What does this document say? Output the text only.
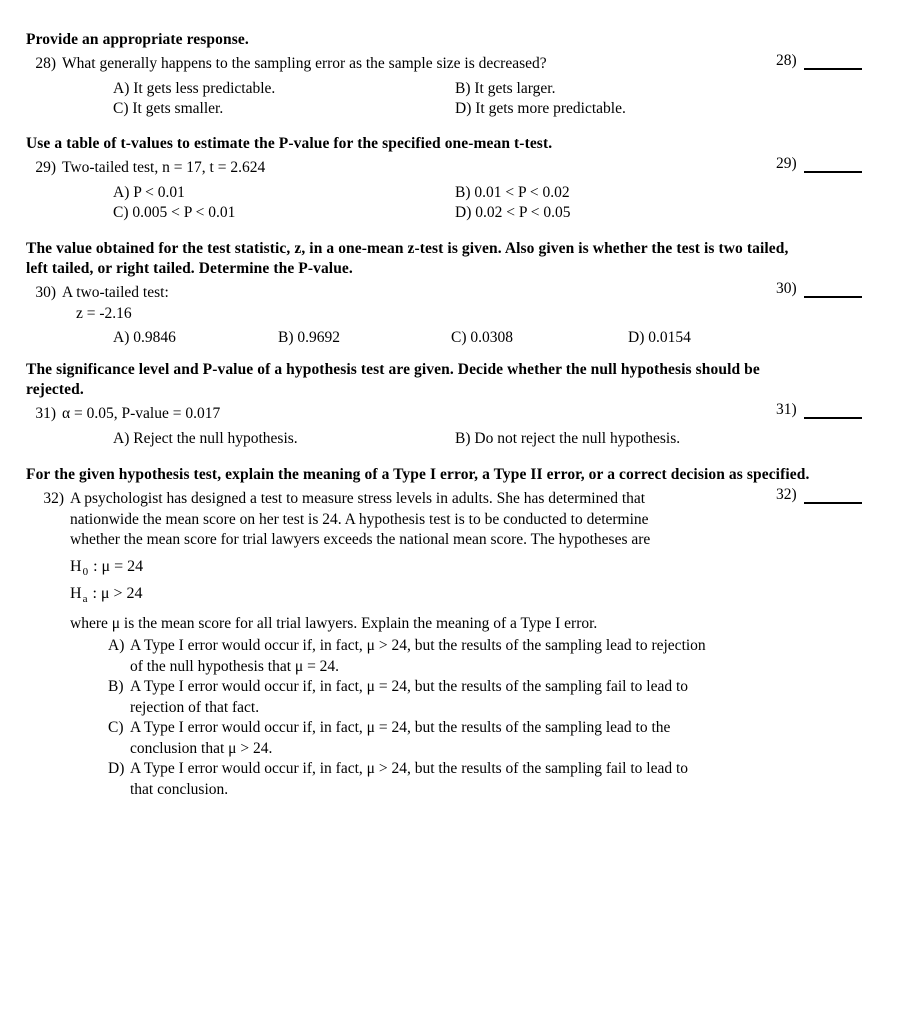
Provide an appropriate response.
28) What generally happens to the sampling error as the sample size is decreased?
A) It gets less predictable.	B) It gets larger.
C) It gets smaller.	D) It gets more predictable.
28)
Use a table of t-values to estimate the P-value for the specified one-mean t-test.
29) Two-tailed test, n = 17, t = 2.624
A) P < 0.01	B) 0.01 < P < 0.02
C) 0.005 < P < 0.01	D) 0.02 < P < 0.05
29)
The value obtained for the test statistic, z, in a one-mean z-test is given. Also given is whether the test is two tailed,
left tailed, or right tailed. Determine the P-value.
30) A two-tailed test:
z = -2.16
A) 0.9846	B) 0.9692	C) 0.0308	D) 0.0154
30)
The significance level and P-value of a hypothesis test are given. Decide whether the null hypothesis should be
rejected.
31) α = 0.05, P-value = 0.017
A) Reject the null hypothesis.	B) Do not reject the null hypothesis.
31)
For the given hypothesis test, explain the meaning of a Type I error, a Type II error, or a correct decision as specified.
32) A psychologist has designed a test to measure stress levels in adults. She has determined that
nationwide the mean score on her test is 24. A hypothesis test is to be conducted to determine
whether the mean score for trial lawyers exceeds the national mean score. The hypotheses are
$H_0$ : μ = 24
$H_a$ : μ > 24
where μ is the mean score for all trial lawyers. Explain the meaning of a Type I error.
A) A Type I error would occur if, in fact, μ > 24, but the results of the sampling lead to rejection
of the null hypothesis that μ = 24.
B) A Type I error would occur if, in fact, μ = 24, but the results of the sampling fail to lead to
rejection of that fact.
C) A Type I error would occur if, in fact, μ = 24, but the results of the sampling lead to the
conclusion that μ > 24.
D) A Type I error would occur if, in fact, μ > 24, but the results of the sampling fail to lead to
that conclusion.
32)
